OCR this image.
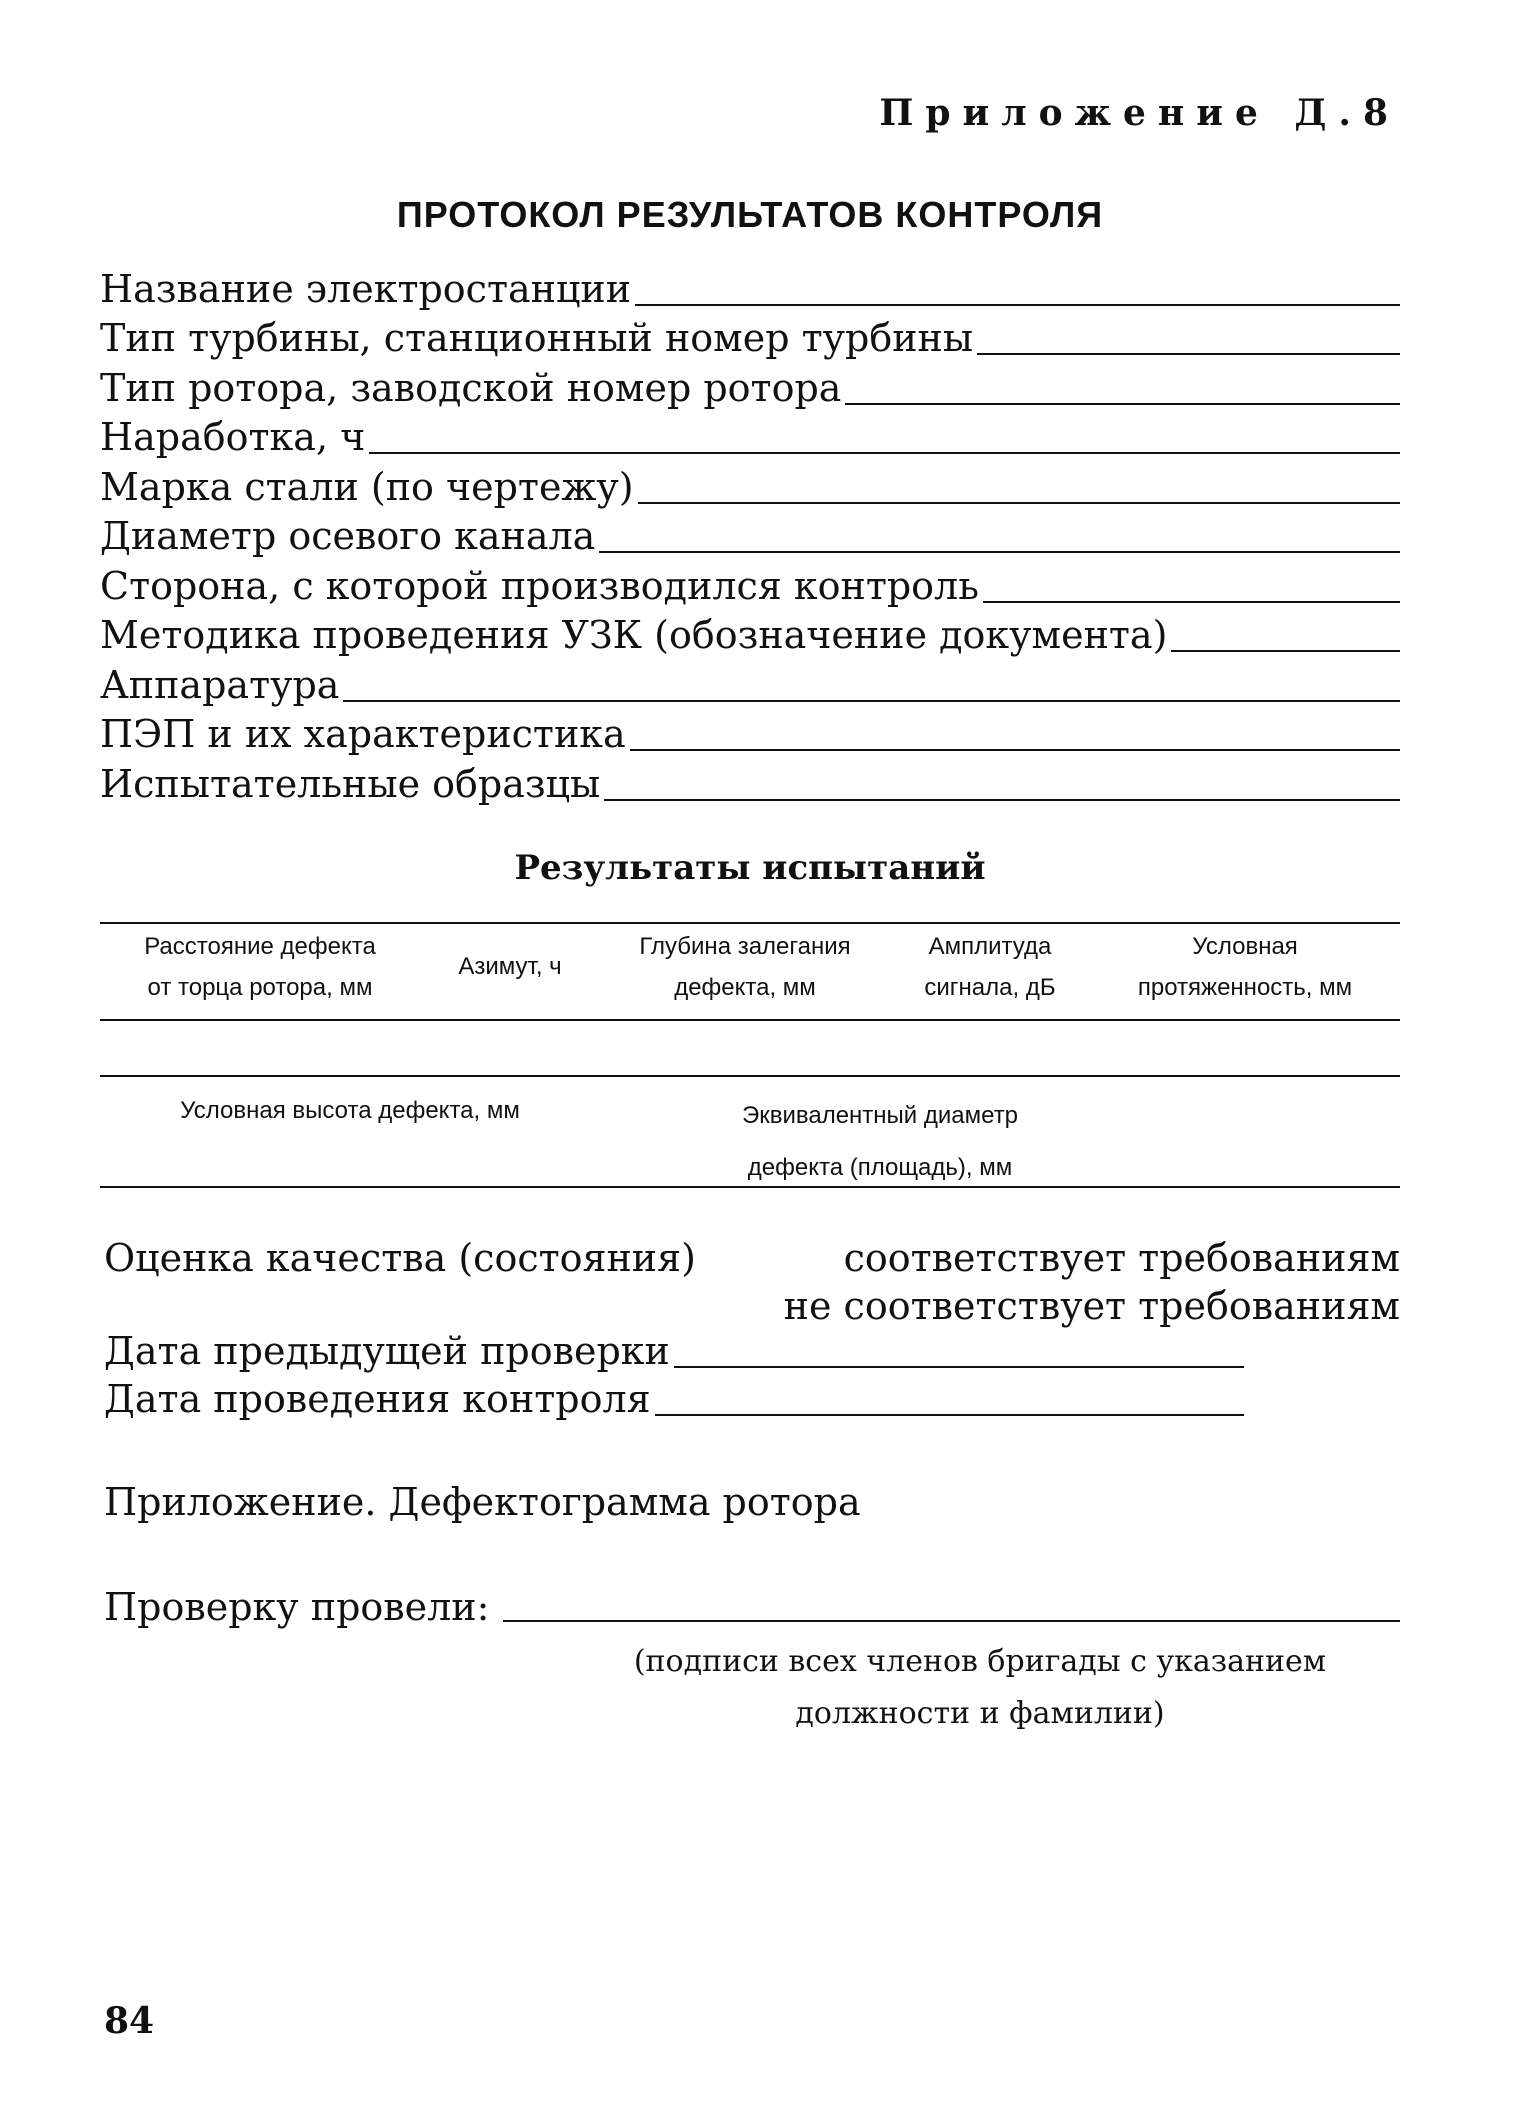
Приложение Д.8
ПРОТОКОЛ РЕЗУЛЬТАТОВ КОНТРОЛЯ
Название электростанции
Тип турбины, станционный номер турбины
Тип ротора, заводской номер ротора
Наработка, ч
Марка стали (по чертежу)
Диаметр осевого канала
Сторона, с которой производился контроль
Методика проведения УЗК (обозначение документа)
Аппаратура
ПЭП и их характеристика
Испытательные образцы
Результаты испытаний
Расстояние дефекта
от торца ротора, мм
Азимут, ч
Глубина залегания
дефекта, мм
Амплитуда
сигнала, дБ
Условная
протяженность, мм
Условная высота дефекта, мм	Эквивалентный диаметр
дефекта (площадь), мм
Оценка качества (состояния)	соответствует требованиям
не соответствует требованиям
Дата предыдущей проверки
Дата проведения контроля
Приложение. Дефектограмма ротора
Проверку провели:
(подписи всех членов бригады с указанием
должности и фамилии)
84
